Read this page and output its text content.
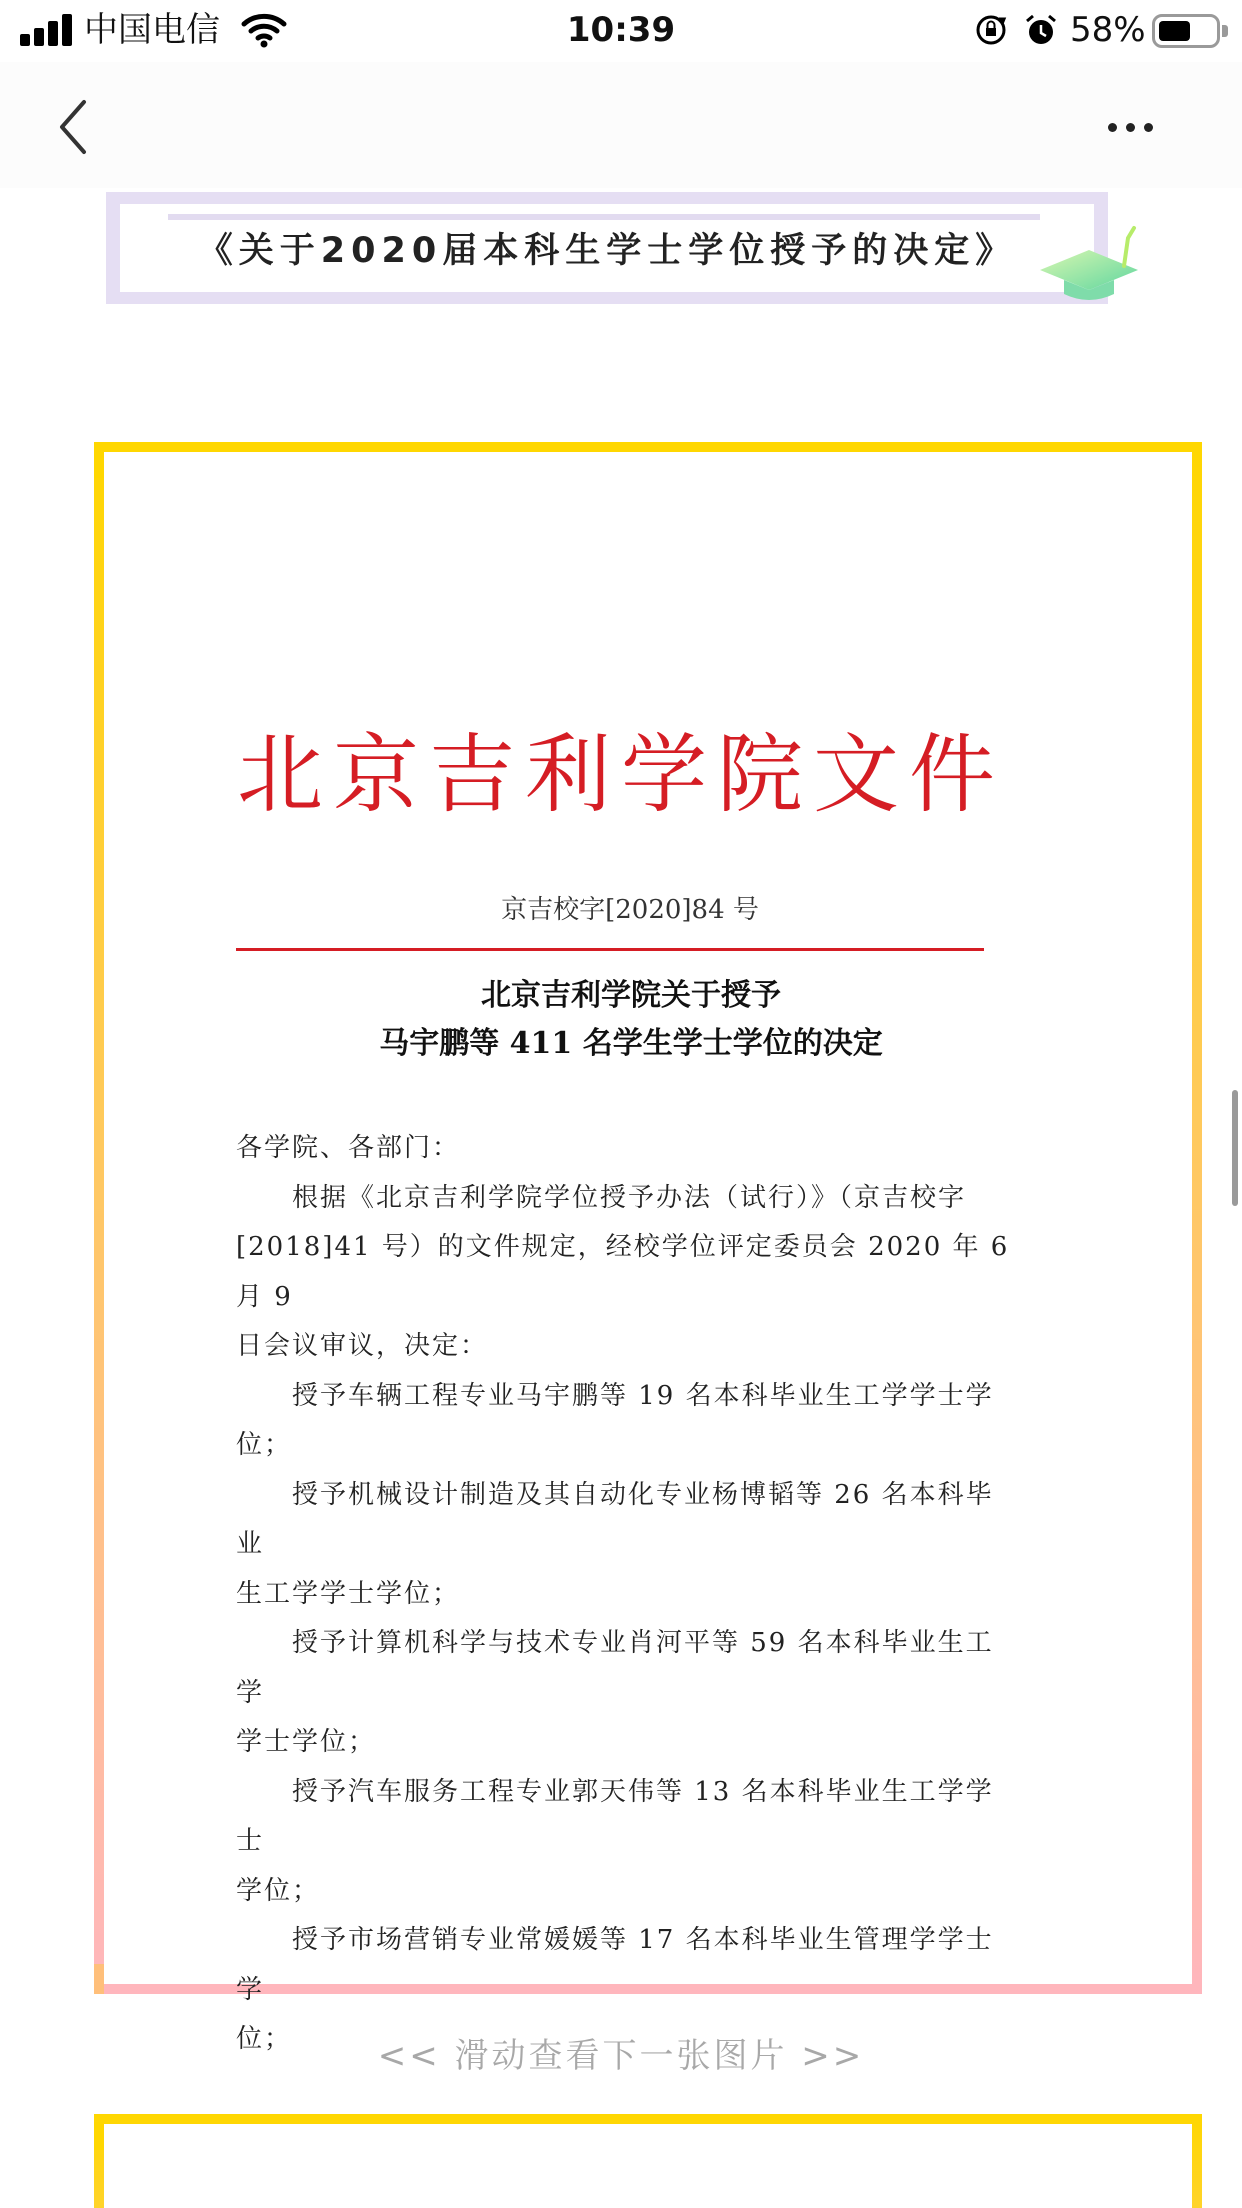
中国电信	10:39	58%
《关于2020届本科生学士学位授予的决定》
北京吉利学院文件
京吉校字[2020]84 号
北京吉利学院关于授予
马宇鹏等 411 名学生学士学位的决定

各学院、各部门：

根据《北京吉利学院学位授予办法（试行）》（京吉校字

[2018]41 号）的文件规定，经校学位评定委员会 2020 年 6 月 9

日会议审议，决定：

授予车辆工程专业马宇鹏等 19 名本科毕业生工学学士学

位；

授予机械设计制造及其自动化专业杨博韬等 26 名本科毕业

生工学学士学位；

授予计算机科学与技术专业肖河平等 59 名本科毕业生工学

学士学位；

授予汽车服务工程专业郭天伟等 13 名本科毕业生工学学士

学位；

授予市场营销专业常媛媛等 17 名本科毕业生管理学学士学

位；	<< 滑动查看下一张图片 >>
